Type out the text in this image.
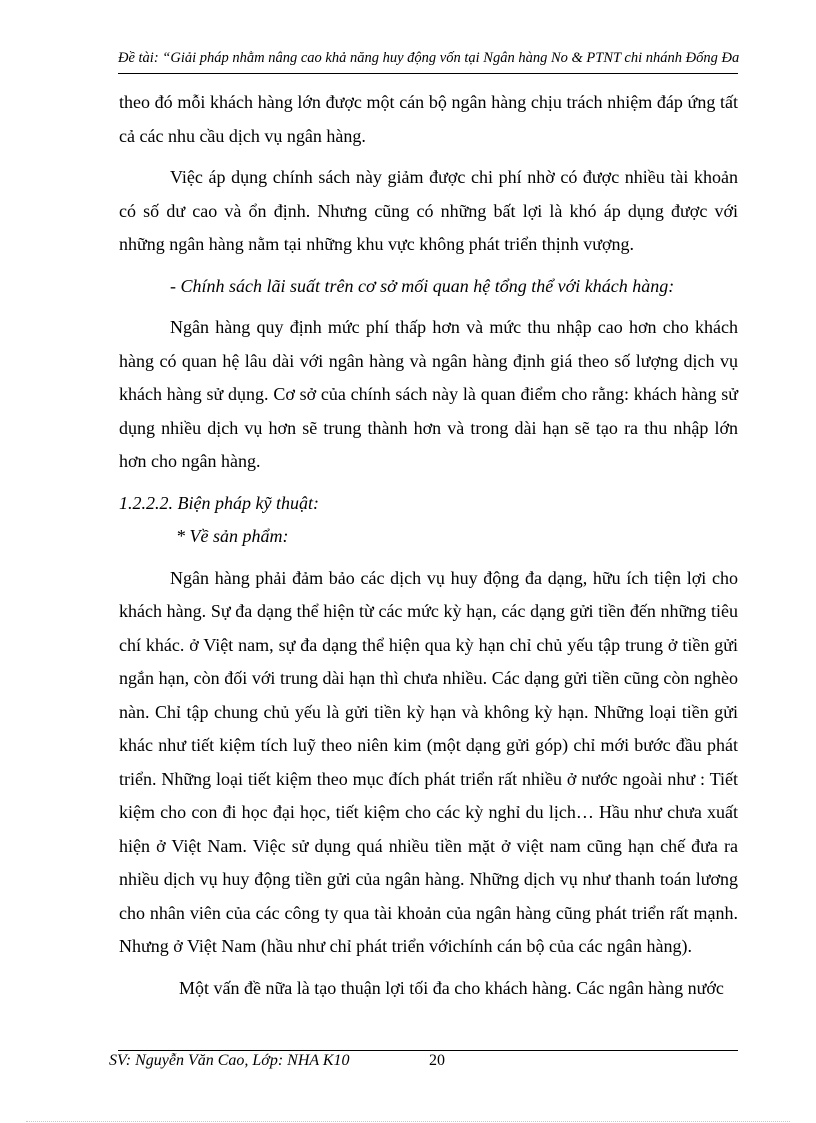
Đề tài: “Giải pháp nhằm nâng cao khả năng huy động vốn tại Ngân hàng No & PTNT chi nhánh Đống Đa

theo đó mỗi khách hàng lớn được một cán bộ ngân hàng chịu trách nhiệm đáp ứng tất cả các nhu cầu dịch vụ ngân hàng.

Việc áp dụng chính sách này giảm được chi phí nhờ có được nhiều tài khoản có số dư cao và ổn định. Nhưng cũng có những bất lợi là khó áp dụng được với những ngân hàng nằm tại những khu vực không phát triển thịnh vượng.

- Chính sách lãi suất trên cơ sở mối quan hệ tổng thể với khách hàng:

Ngân hàng quy định mức phí thấp hơn và mức thu nhập cao hơn cho khách hàng có quan hệ lâu dài với ngân hàng và ngân hàng định giá theo số lượng dịch vụ khách hàng sử dụng. Cơ sở của chính sách này là quan điểm cho rằng: khách hàng sử dụng nhiều dịch vụ hơn sẽ trung thành hơn và trong dài hạn sẽ tạo ra thu nhập lớn hơn cho ngân hàng.

1.2.2.2. Biện pháp kỹ thuật:

* Về sản phẩm:

Ngân hàng phải đảm bảo các dịch vụ huy động đa dạng, hữu ích tiện lợi cho khách hàng. Sự đa dạng thể hiện từ các mức kỳ hạn, các dạng gửi tiền đến những tiêu chí khác. ở Việt nam, sự đa dạng thể hiện qua kỳ hạn chỉ chủ yếu tập trung ở tiền gửi ngắn hạn, còn đối với trung dài hạn thì chưa nhiều. Các dạng gửi tiền cũng còn nghèo nàn. Chỉ tập chung chủ yếu là gửi tiền kỳ hạn và không kỳ hạn. Những loại tiền gửi khác như tiết kiệm tích luỹ theo niên kim (một dạng gửi góp) chỉ mới bước đầu phát triển. Những loại tiết kiệm theo mục đích phát triển rất nhiều ở nước ngoài như : Tiết kiệm cho con đi học đại học, tiết kiệm cho các kỳ nghỉ du lịch… Hầu như chưa xuất hiện ở Việt Nam. Việc sử dụng quá nhiều tiền mặt ở việt nam cũng hạn chế đưa ra nhiều dịch vụ huy động tiền gửi của ngân hàng. Những dịch vụ như thanh toán lương cho nhân viên của các công ty qua tài khoản của ngân hàng cũng phát triển rất mạnh. Nhưng ở Việt Nam (hầu như chỉ phát triển vớichính cán bộ của các ngân hàng).

Một vấn đề nữa là tạo thuận lợi tối đa cho khách hàng. Các ngân hàng nước

SV: Nguyễn Văn Cao, Lớp: NHA K10	20
